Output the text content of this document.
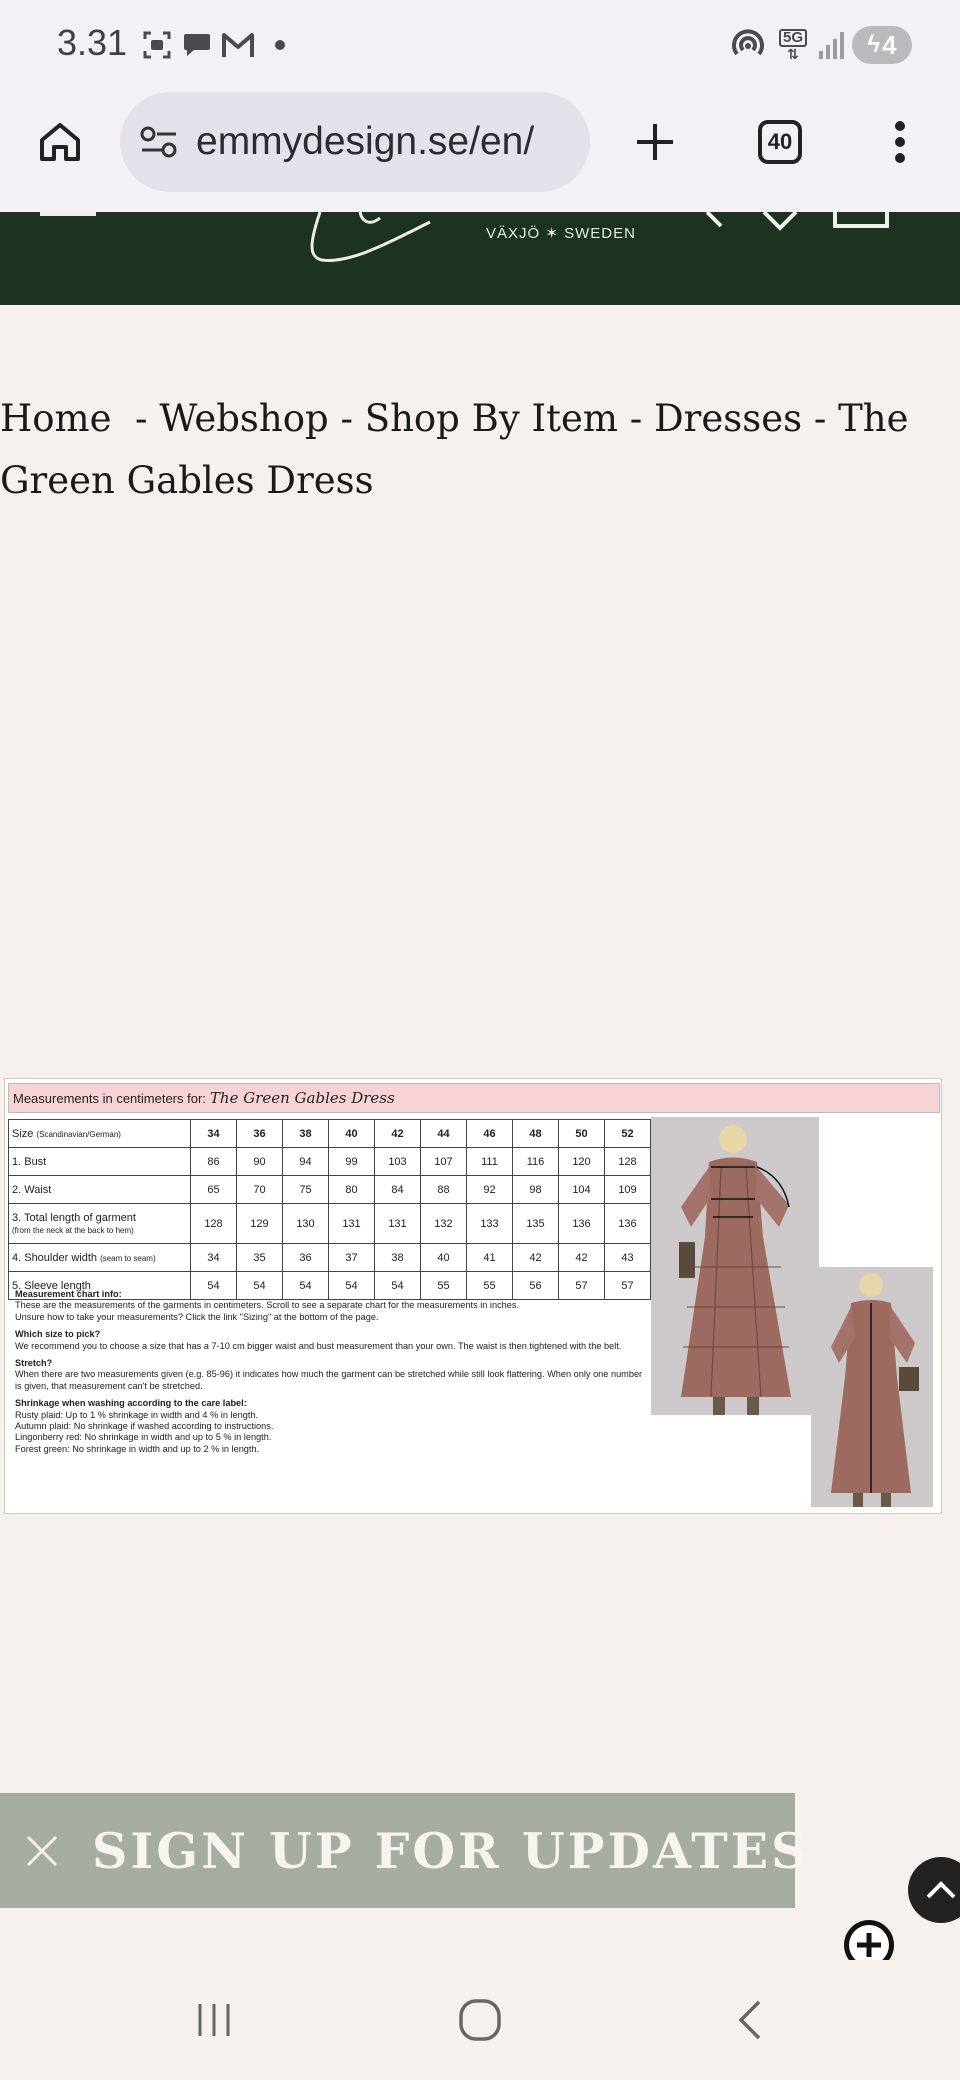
3.31	5G
⇅	ϟ 4
emmydesign.se/en/	40
VÄXJÖ ✶ SWEDEN
Home  - Webshop - Shop By Item - Dresses - The Green Gables Dress
Measurements in centimeters for: The Green Gables Dress
Size (Scandinavian/German)	34	36	38	40	42	44	46	48	50	52
1. Bust	86	90	94	99	103	107	111	116	120	128
2. Waist	65	70	75	80	84	88	92	98	104	109
3. Total length of garment
(from the neck at the back to hem)	128	129	130	131	131	132	133	135	136	136
4. Shoulder width (seam to seam)	34	35	36	37	38	40	41	42	42	43
5. Sleeve length	54	54	54	54	54	55	55	56	57	57
Measurement chart info:
These are the measurements of the garments in centimeters. Scroll to see a separate chart for the measurements in inches.
Unsure how to take your measurements? Click the link "Sizing" at the bottom of the page.
Which size to pick?
We recommend you to choose a size that has a 7-10 cm bigger waist and bust measurement than your own. The waist is then tightened with the belt.
Stretch?
When there are two measurements given (e.g. 85-96) it indicates how much the garment can be stretched while still look flattering. When only one number is given, that measurement can't be stretched.
Shrinkage when washing according to the care label:
Rusty plaid: Up to 1 % shrinkage in width and 4 % in length.
Autumn plaid: No shrinkage if washed according to instructions.
Lingonberry red: No shrinkage in width and up to 5 % in length.
Forest green: No shrinkage in width and up to 2 % in length.
SIGN UP FOR UPDATES
